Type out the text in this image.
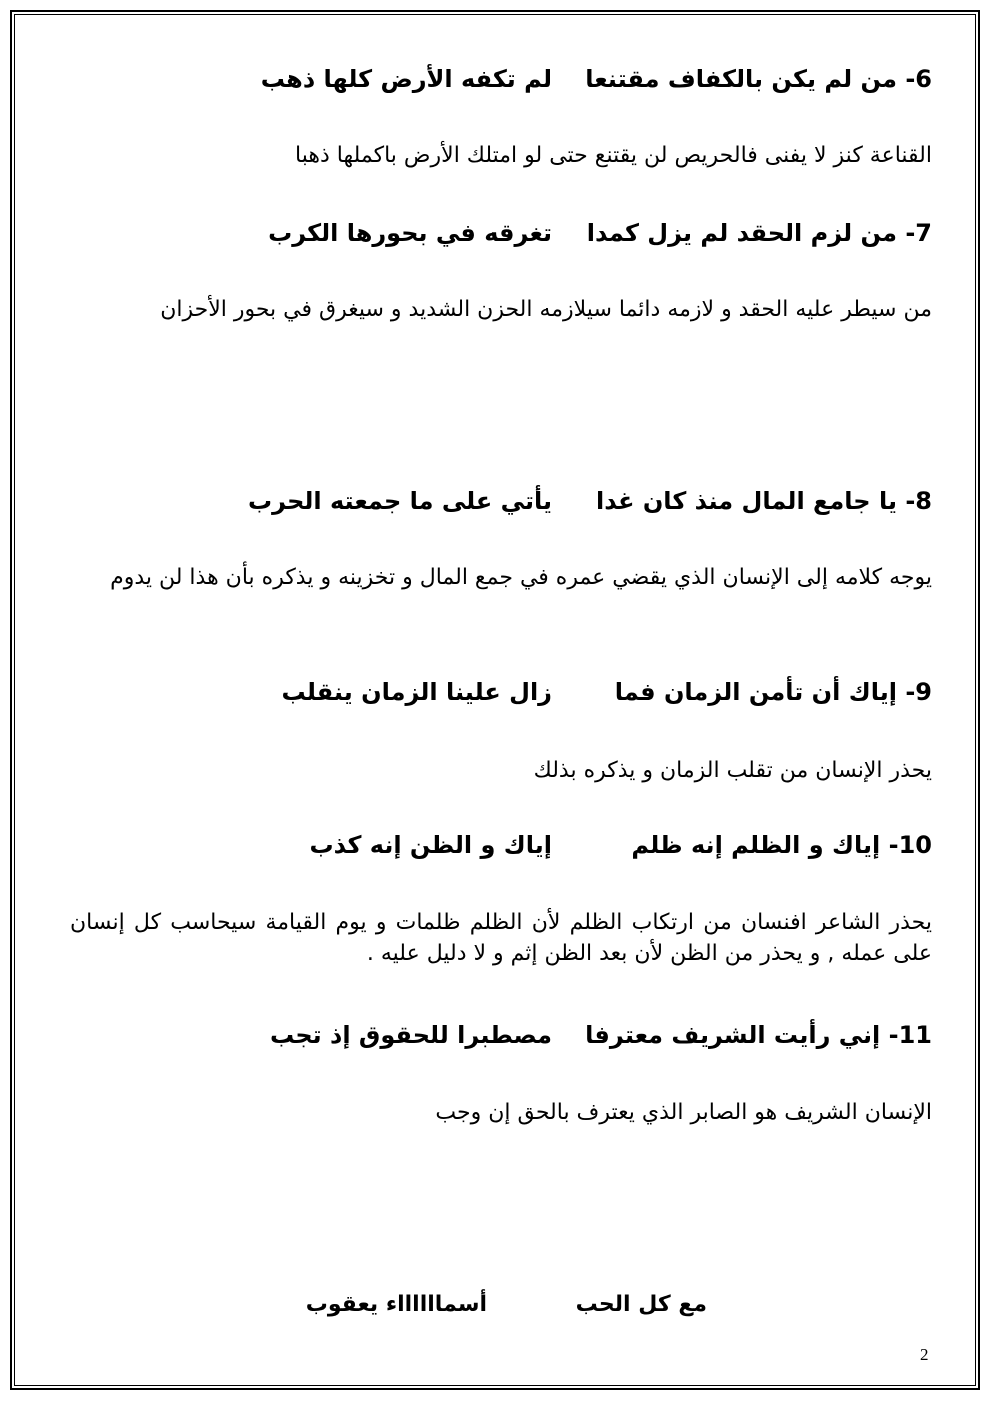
6- من لم يكن بالكفاف مقتنعا
لم تكفه الأرض كلها ذهب
القناعة كنز لا يفنى فالحريص لن يقتنع حتى لو امتلك الأرض باكملها ذهبا
7- من لزم الحقد لم يزل كمدا
تغرقه في بحورها الكرب
من سيطر عليه الحقد و لازمه دائما سيلازمه الحزن الشديد و سيغرق في بحور الأحزان
8- يا جامع المال منذ كان غدا
يأتي على ما جمعته الحرب
يوجه كلامه إلى الإنسان الذي يقضي عمره في جمع المال و تخزينه و يذكره بأن هذا لن يدوم
9- إياك أن تأمن الزمان فما
زال علينا الزمان ينقلب
يحذر الإنسان من تقلب الزمان و يذكره بذلك
10- إياك و الظلم إنه ظلم
إياك و الظن إنه كذب
يحذر الشاعر افنسان من ارتكاب الظلم لأن الظلم ظلمات و يوم القيامة سيحاسب كل إنسان على عمله , و يحذر من الظن لأن بعد الظن إثم و لا دليل عليه .
11- إني رأيت الشريف معترفا
مصطبرا للحقوق إذ تجب
الإنسان الشريف هو الصابر الذي يعترف بالحق إن وجب
مع كل الحب
أسمااااااء يعقوب
2
